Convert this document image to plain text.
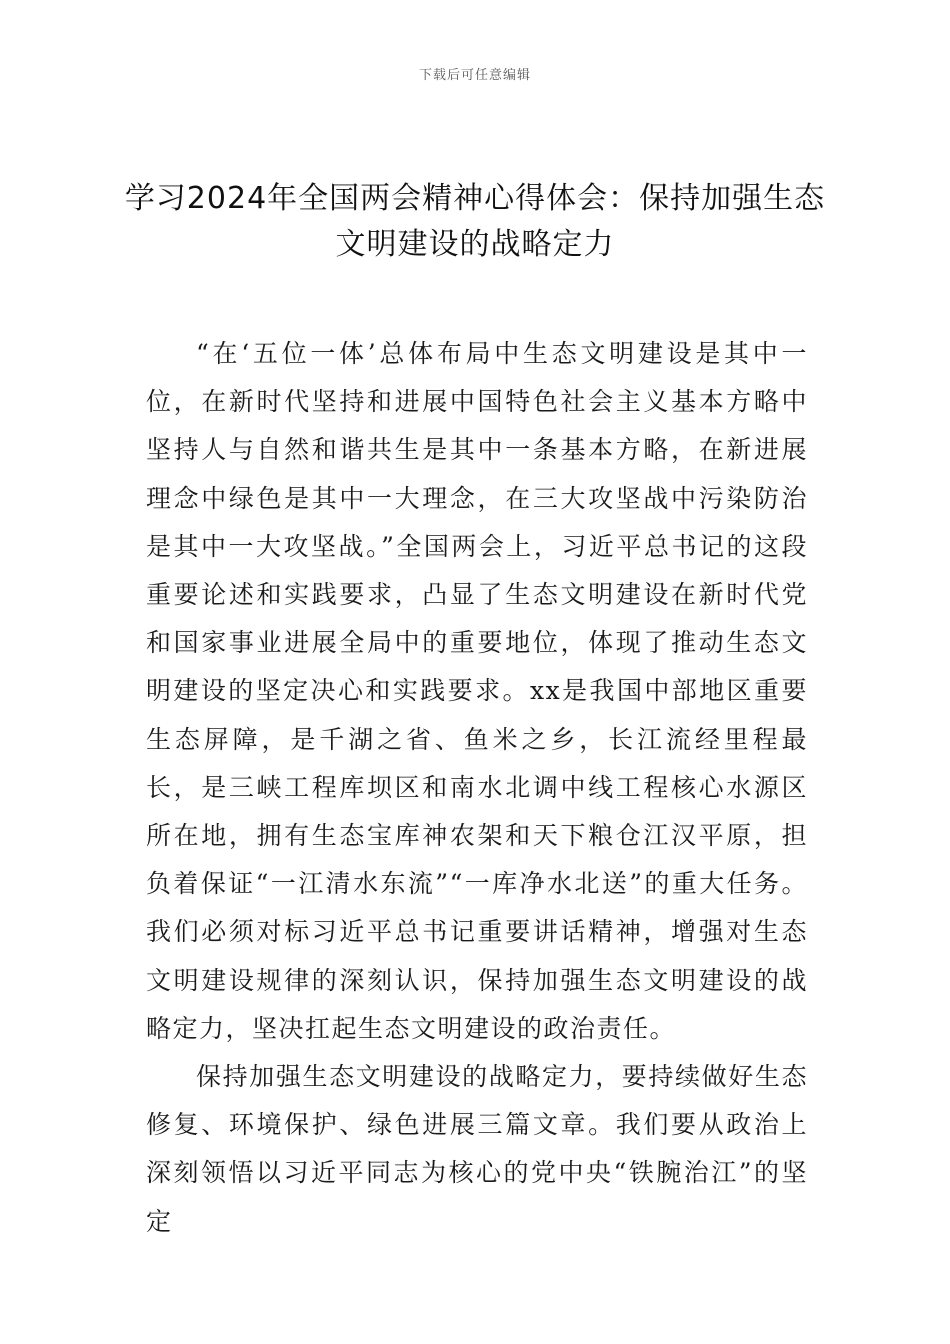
下载后可任意编辑
学习2024年全国两会精神心得体会：保持加强生态文明建设的战略定力

“在‘五位一体’总体布局中生态文明建设是其中一位，在新时代坚持和进展中国特色社会主义基本方略中坚持人与自然和谐共生是其中一条基本方略，在新进展理念中绿色是其中一大理念，在三大攻坚战中污染防治是其中一大攻坚战。”全国两会上，习近平总书记的这段重要论述和实践要求，凸显了生态文明建设在新时代党和国家事业进展全局中的重要地位，体现了推动生态文明建设的坚定决心和实践要求。xx是我国中部地区重要生态屏障，是千湖之省、鱼米之乡，长江流经里程最长，是三峡工程库坝区和南水北调中线工程核心水源区所在地，拥有生态宝库神农架和天下粮仓江汉平原，担负着保证“一江清水东流”“一库净水北送”的重大任务。我们必须对标习近平总书记重要讲话精神，增强对生态文明建设规律的深刻认识，保持加强生态文明建设的战略定力，坚决扛起生态文明建设的政治责任。

保持加强生态文明建设的战略定力，要持续做好生态修复、环境保护、绿色进展三篇文章。我们要从政治上深刻领悟以习近平同志为核心的党中央“铁腕治江”的坚定
